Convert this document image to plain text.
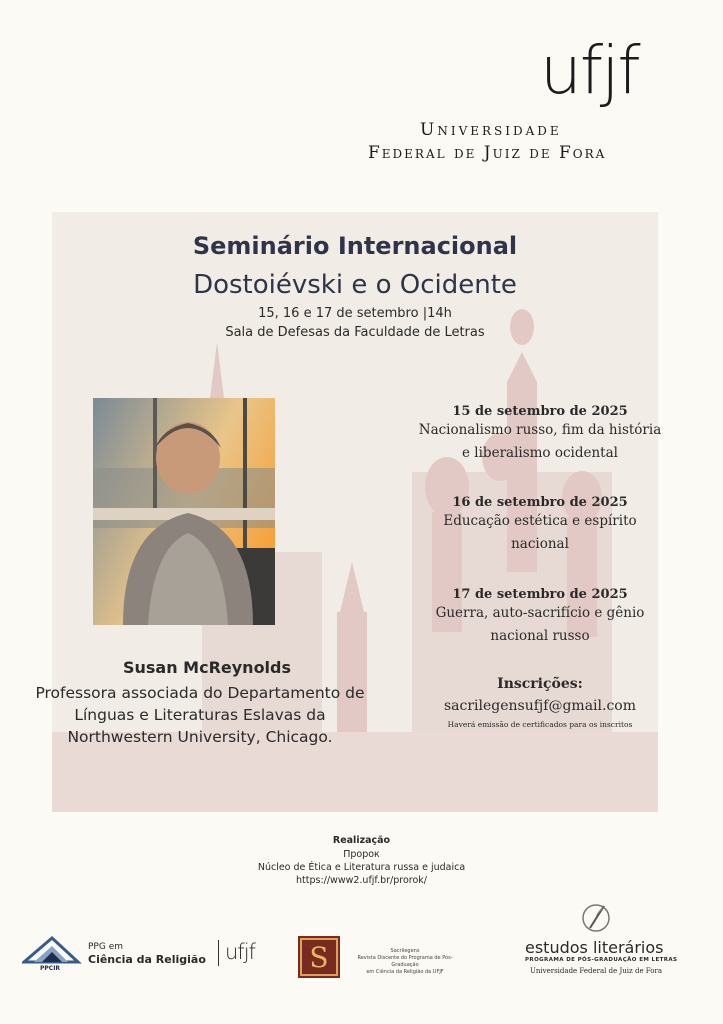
ufjf
Universidade
Federal de Juiz de Fora
Seminário Internacional
Dostoiévski e o Ocidente
15, 16 e 17 de setembro |14h
Sala de Defesas da Faculdade de Letras
Susan McReynolds
Professora associada do Departamento de
Línguas e Literaturas Eslavas da
Northwestern University, Chicago.
15 de setembro de 2025
Nacionalismo russo, fim da história
e liberalismo ocidental
16 de setembro de 2025
Educação estética e espírito
nacional
17 de setembro de 2025
Guerra, auto-sacrifício e gênio
nacional russo
Inscrições:
sacrilegensufjf@gmail.com
Haverá emissão de certificados para os inscritos
Realização
Пророк
Núcleo de Ética e Literatura russa e judaica
https://www2.ufjf.br/prorok/
PPCIR
PPG em
Ciência da Religião ufjf S	Sacrilegens
Revista Discente do Programa de Pós-Graduação
em Ciência da Religião da UFJF
estudos literários
PROGRAMA DE PÓS-GRADUAÇÃO EM LETRAS
Universidade Federal de Juiz de Fora
